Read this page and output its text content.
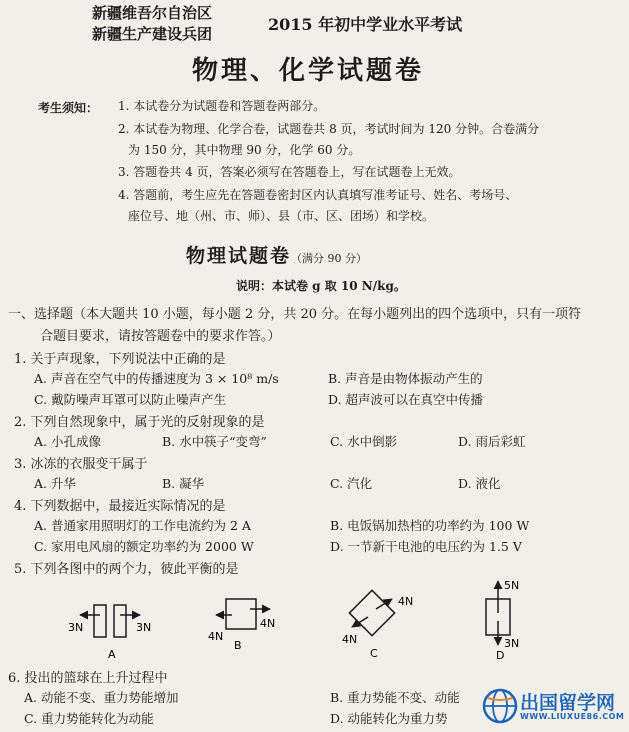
新疆维吾尔自治区
新疆生产建设兵团	2015 年初中学业水平考试
物理、化学试题卷
考生须知： 1. 本试卷分为试题卷和答题卷两部分。
2. 本试卷为物理、化学合卷，试题卷共 8 页，考试时间为 120 分钟。合卷满分
为 150 分，其中物理 90 分，化学 60 分。
3. 答题卷共 4 页，答案必须写在答题卷上，写在试题卷上无效。
4. 答题前，考生应先在答题卷密封区内认真填写准考证号、姓名、考场号、
座位号、地（州、市、师）、县（市、区、团场）和学校。
物理试题卷（满分 90 分）
说明：本试卷 g 取 10 N/kg。
一、选择题（本大题共 10 小题，每小题 2 分，共 20 分。在每小题列出的四个选项中，只有一项符
合题目要求，请按答题卷中的要求作答。）
1. 关于声现象，下列说法中正确的是
A. 声音在空气中的传播速度为 3 × 10⁸ m/s	B. 声音是由物体振动产生的
C. 戴防噪声耳罩可以防止噪声产生	D. 超声波可以在真空中传播
2. 下列自然现象中，属于光的反射现象的是
A. 小孔成像	B. 水中筷子“变弯”	C. 水中倒影	D. 雨后彩虹
3. 冰冻的衣服变干属于
A. 升华	B. 凝华	C. 汽化	D. 液化
4. 下列数据中，最接近实际情况的是
A. 普通家用照明灯的工作电流约为 2 A	B. 电饭锅加热档的功率约为 100 W
C. 家用电风扇的额定功率约为 2000 W	D. 一节新干电池的电压约为 1.5 V
5. 下列各图中的两个力，彼此平衡的是
3N	3N
A
4N
4N
B
4N
4N
C
5N
3N
D
6. 投出的篮球在上升过程中
A. 动能不变、重力势能增加	B. 重力势能不变、动能
C. 重力势能转化为动能	D. 动能转化为重力势
出国留学网
WWW.LIUXUE86.COM
